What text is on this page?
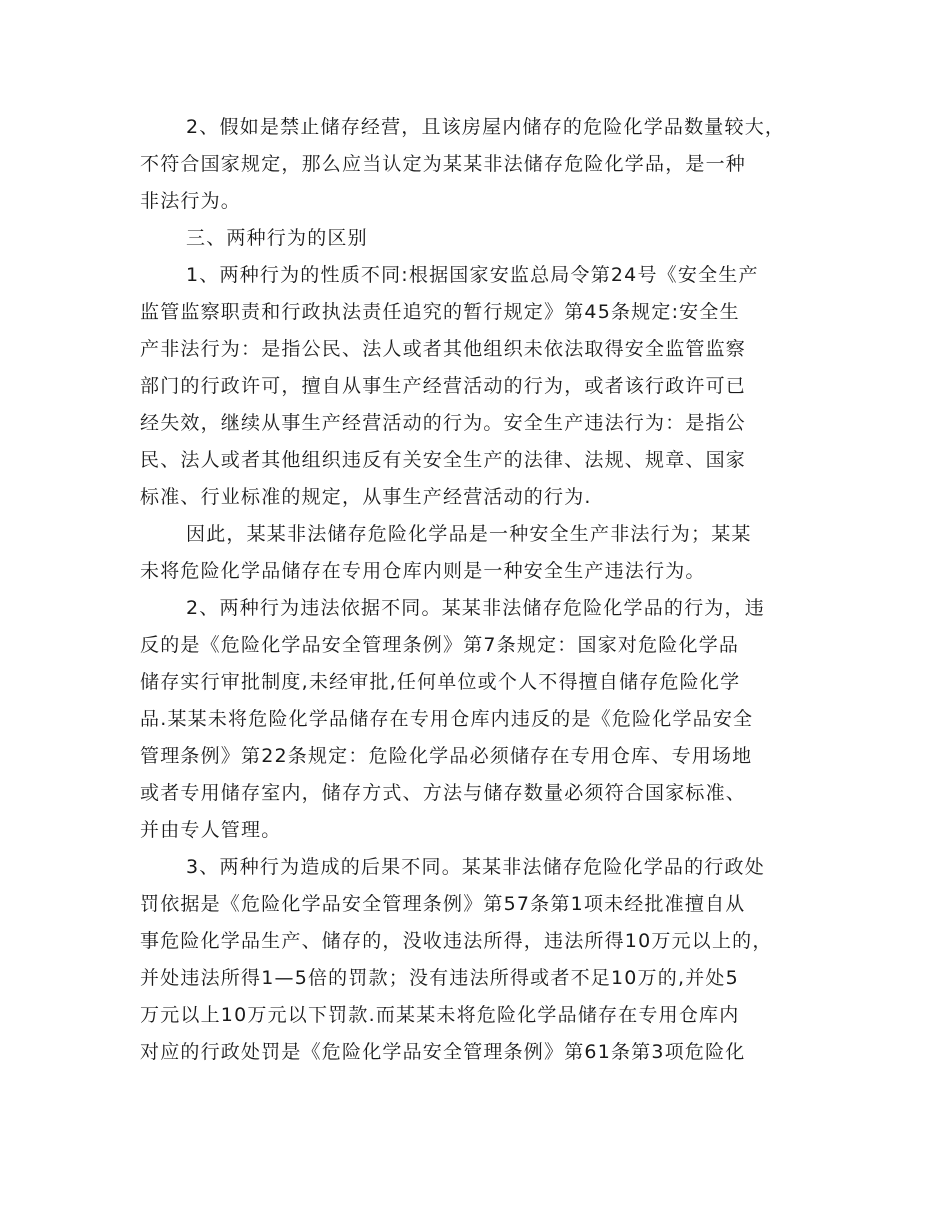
2、假如是禁止储存经营，且该房屋内储存的危险化学品数量较大，
不符合国家规定，那么应当认定为某某非法储存危险化学品，是一种
非法行为。
三、两种行为的区别
1、两种行为的性质不同:根据国家安监总局令第24号《安全生产
监管监察职责和行政执法责任追究的暂行规定》第45条规定:安全生
产非法行为：是指公民、法人或者其他组织未依法取得安全监管监察
部门的行政许可，擅自从事生产经营活动的行为，或者该行政许可已
经失效，继续从事生产经营活动的行为。安全生产违法行为：是指公
民、法人或者其他组织违反有关安全生产的法律、法规、规章、国家
标准、行业标准的规定，从事生产经营活动的行为.
因此，某某非法储存危险化学品是一种安全生产非法行为；某某
未将危险化学品储存在专用仓库内则是一种安全生产违法行为。
2、两种行为违法依据不同。某某非法储存危险化学品的行为，违
反的是《危险化学品安全管理条例》第7条规定：国家对危险化学品
储存实行审批制度,未经审批,任何单位或个人不得擅自储存危险化学
品.某某未将危险化学品储存在专用仓库内违反的是《危险化学品安全
管理条例》第22条规定：危险化学品必须储存在专用仓库、专用场地
或者专用储存室内，储存方式、方法与储存数量必须符合国家标准、
并由专人管理。
3、两种行为造成的后果不同。某某非法储存危险化学品的行政处
罚依据是《危险化学品安全管理条例》第57条第1项未经批准擅自从
事危险化学品生产、储存的，没收违法所得，违法所得10万元以上的，
并处违法所得1—5倍的罚款；没有违法所得或者不足10万的,并处5
万元以上10万元以下罚款.而某某未将危险化学品储存在专用仓库内
对应的行政处罚是《危险化学品安全管理条例》第61条第3项危险化
